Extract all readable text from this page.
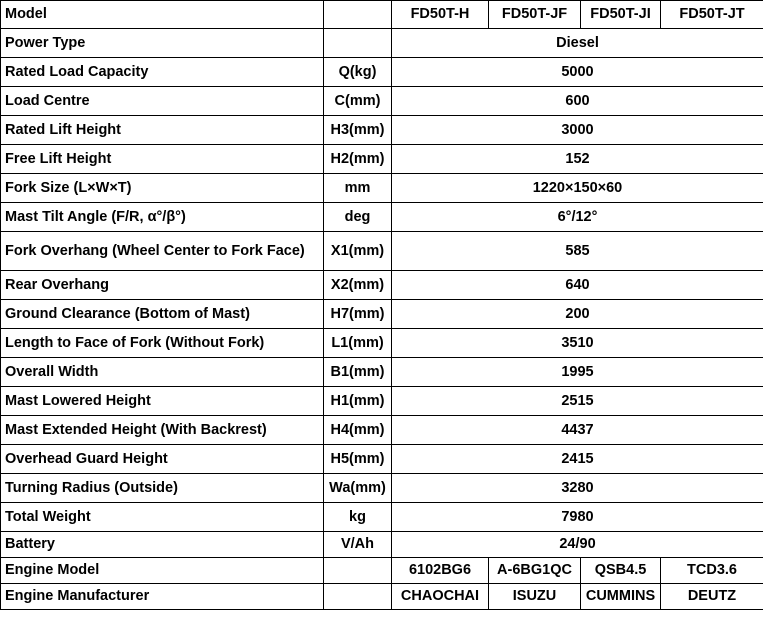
Model		FD50T-H	FD50T-JF	FD50T-JI	FD50T-JT
Power Type		Diesel			
Rated Load Capacity	Q(kg)	5000			
Load Centre	C(mm)	600			
Rated Lift Height	H3(mm)	3000			
Free Lift Height	H2(mm)	152			
Fork Size (L×W×T)	mm	1220×150×60			
Mast Tilt Angle (F/R, α°/β°)	deg	6°/12°			
Fork Overhang (Wheel Center to Fork Face)	X1(mm)	585			
Rear Overhang	X2(mm)	640			
Ground Clearance (Bottom of Mast)	H7(mm)	200			
Length to Face of Fork (Without Fork)	L1(mm)	3510			
Overall Width	B1(mm)	1995			
Mast Lowered Height	H1(mm)	2515			
Mast Extended Height (With Backrest)	H4(mm)	4437			
Overhead Guard Height	H5(mm)	2415			
Turning Radius (Outside)	Wa(mm)	3280			
Total Weight	kg	7980			
Battery	V/Ah	24/90			
Engine Model		6102BG6	A-6BG1QC	QSB4.5	TCD3.6
Engine Manufacturer		CHAOCHAI	ISUZU	CUMMINS	DEUTZ
